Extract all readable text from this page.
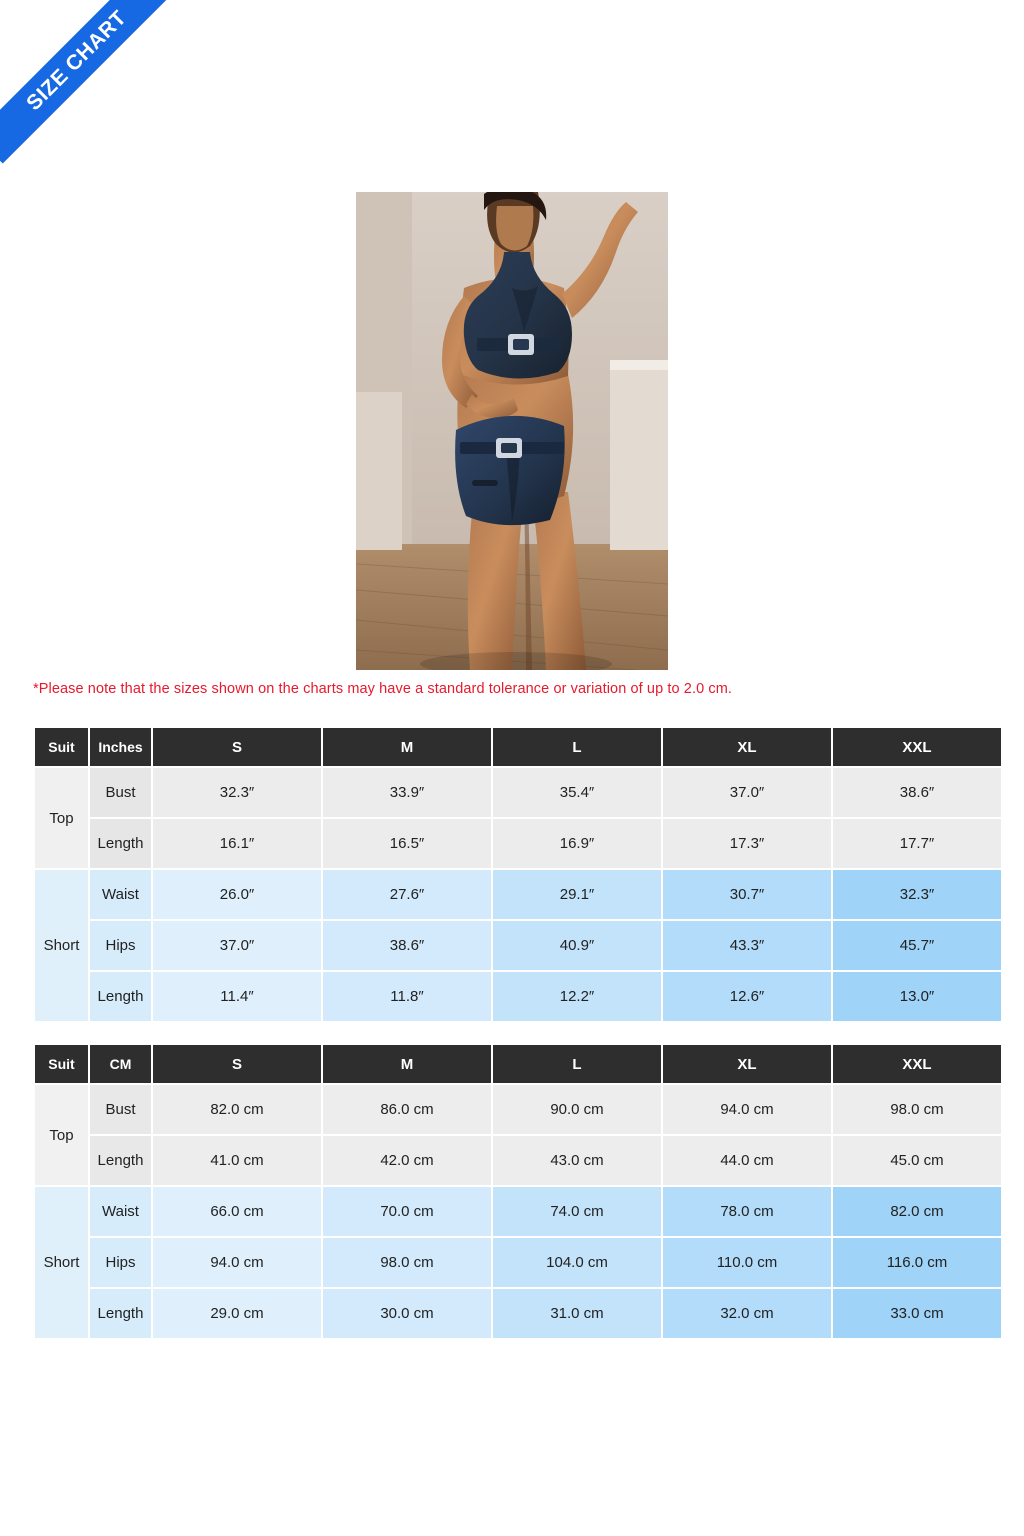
SIZE CHART
*Please note that the sizes shown on the charts may have a standard tolerance or variation of up to 2.0 cm.
Suit	Inches	S	M	L	XL	XXL
Top	Bust	32.3″	33.9″	35.4″	37.0″	38.6″
	Length	16.1″	16.5″	16.9″	17.3″	17.7″
Short	Waist	26.0″	27.6″	29.1″	30.7″	32.3″
	Hips	37.0″	38.6″	40.9″	43.3″	45.7″
	Length	11.4″	11.8″	12.2″	12.6″	13.0″
Suit	CM	S	M	L	XL	XXL
Top	Bust	82.0 cm	86.0 cm	90.0 cm	94.0 cm	98.0 cm
	Length	41.0 cm	42.0 cm	43.0 cm	44.0 cm	45.0 cm
Short	Waist	66.0 cm	70.0 cm	74.0 cm	78.0 cm	82.0 cm
	Hips	94.0 cm	98.0 cm	104.0 cm	110.0 cm	116.0 cm
	Length	29.0 cm	30.0 cm	31.0 cm	32.0 cm	33.0 cm
